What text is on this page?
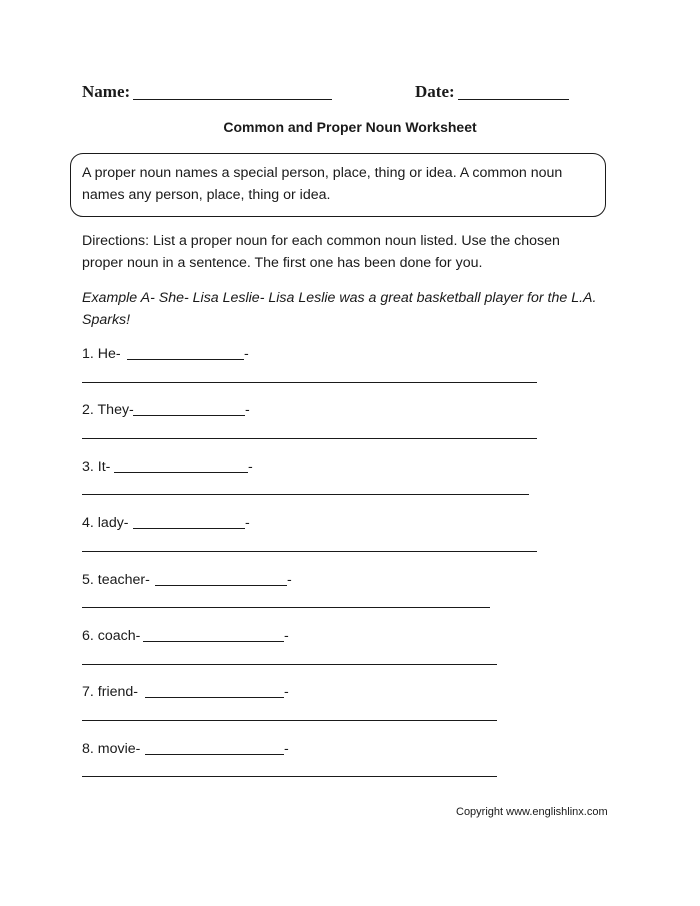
Name:	Date:
Common and Proper Noun Worksheet
A proper noun names a special person, place, thing or idea. A common noun names any person, place, thing or idea.
Directions: List a proper noun for each common noun listed. Use the chosen proper noun in a sentence. The first one has been done for you.
Example A- She- Lisa Leslie- Lisa Leslie was a great basketball player for the L.A. Sparks!
1. He-	-
2. They-	-
3. It-	-
4. lady-	-
5. teacher-	-
6. coach-	-
7. friend-	-
8. movie-	-
Copyright www.englishlinx.com
